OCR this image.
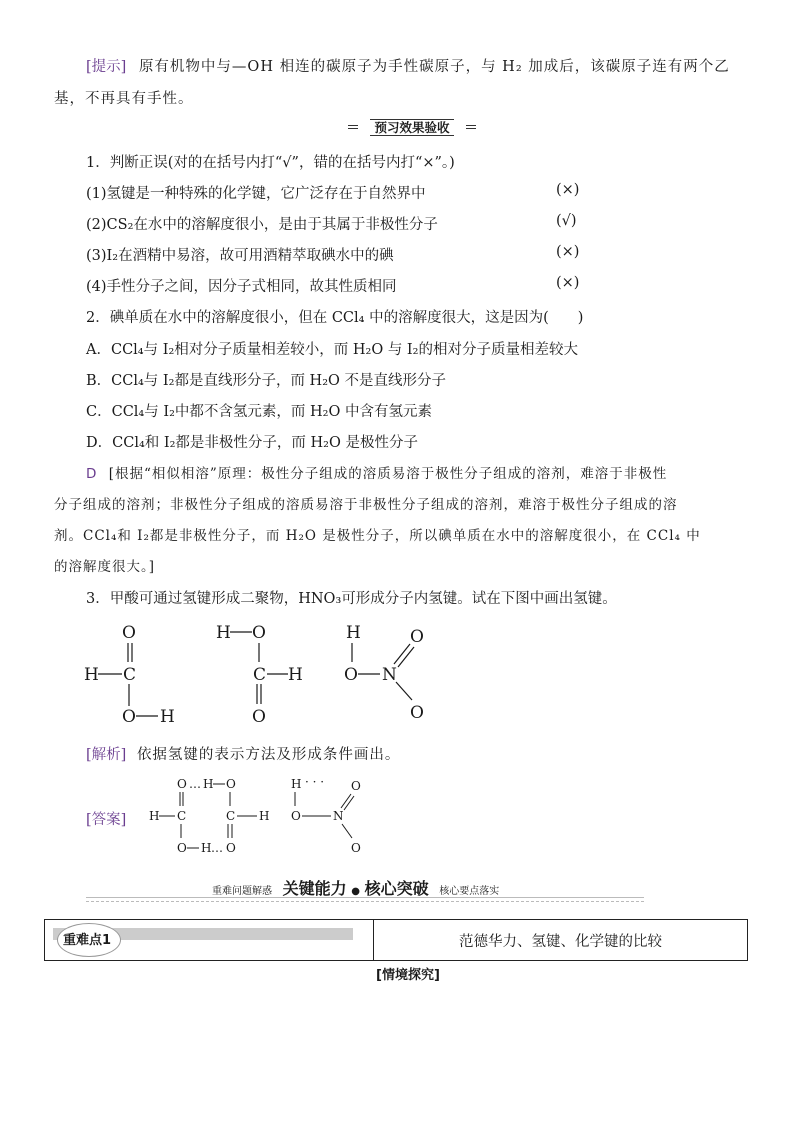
[提示] 原有机物中与—OH 相连的碳原子为手性碳原子，与 H₂ 加成后，该碳原子连有两个乙
基，不再具有手性。
预习效果验收
1．判断正误(对的在括号内打“√”，错的在括号内打“×”。)
(1)氢键是一种特殊的化学键，它广泛存在于自然界中	(×)
(2)CS₂在水中的溶解度很小，是由于其属于非极性分子	(√)
(3)I₂在酒精中易溶，故可用酒精萃取碘水中的碘	(×)
(4)手性分子之间，因分子式相同，故其性质相同	(×)
2．碘单质在水中的溶解度很小，但在 CCl₄ 中的溶解度很大，这是因为(　　)
A．CCl₄与 I₂相对分子质量相差较小，而 H₂O 与 I₂的相对分子质量相差较大
B．CCl₄与 I₂都是直线形分子，而 H₂O 不是直线形分子
C．CCl₄与 I₂中都不含氢元素，而 H₂O 中含有氢元素
D．CCl₄和 I₂都是非极性分子，而 H₂O 是极性分子
D [根据“相似相溶”原理：极性分子组成的溶质易溶于极性分子组成的溶剂，难溶于非极性
分子组成的溶剂；非极性分子组成的溶质易溶于非极性分子组成的溶剂，难溶于极性分子组成的溶
剂。CCl₄和 I₂都是非极性分子，而 H₂O 是极性分子，所以碘单质在水中的溶解度很小，在 CCl₄ 中
的溶解度很大。]
3．甲酸可通过氢键形成二聚物，HNO₃可形成分子内氢键。试在下图中画出氢键。
O
H C
O H
H O
C H
O
H
O N
O
O
[解析] 依据氢键的表示方法及形成条件画出。
[答案]
O … H O
H C
O H … O
C H
H · · ·
O	N
O
O
重难问题解惑 关键能力 ● 核心突破 核心要点落实
重难点1	范德华力、氢键、化学键的比较
[情境探究]
